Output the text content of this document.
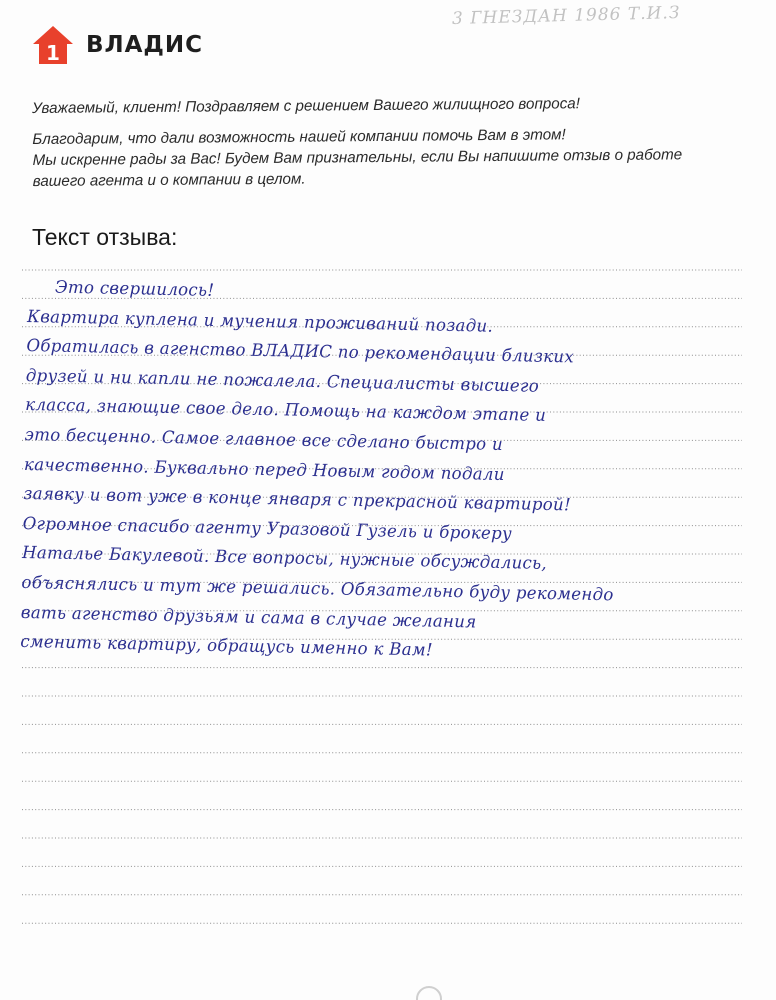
3 ГНЕЗДАН 1986 Т.И.З
1 ВЛАДИС

Уважаемый, клиент! Поздравляем с решением Вашего жилищного вопроса!

Благодарим, что дали возможность нашей компании помочь Вам в этом!
Мы искренне рады за Вас! Будем Вам признательны, если Вы напишите отзыв о работе
вашего агента и о компании в целом.

Текст отзыва:
Это свершилось!
Квартира куплена и мучения проживаний позади.
Обратилась в агенство ВЛАДИС по рекомендации близких
друзей и ни капли не пожалела. Специалисты высшего
класса, знающие свое дело. Помощь на каждом этапе и
это бесценно. Самое главное все сделано быстро и
качественно. Буквально перед Новым годом подали
заявку и вот уже в конце января с прекрасной квартирой!
Огромное спасибо агенту Уразовой Гузель и брокеру
Наталье Бакулевой. Все вопросы, нужные обсуждались,
объяснялись и тут же решались. Обязательно буду рекомендо
вать агенство друзьям и сама в случае желания
сменить квартиру, обращусь именно к Вам!
